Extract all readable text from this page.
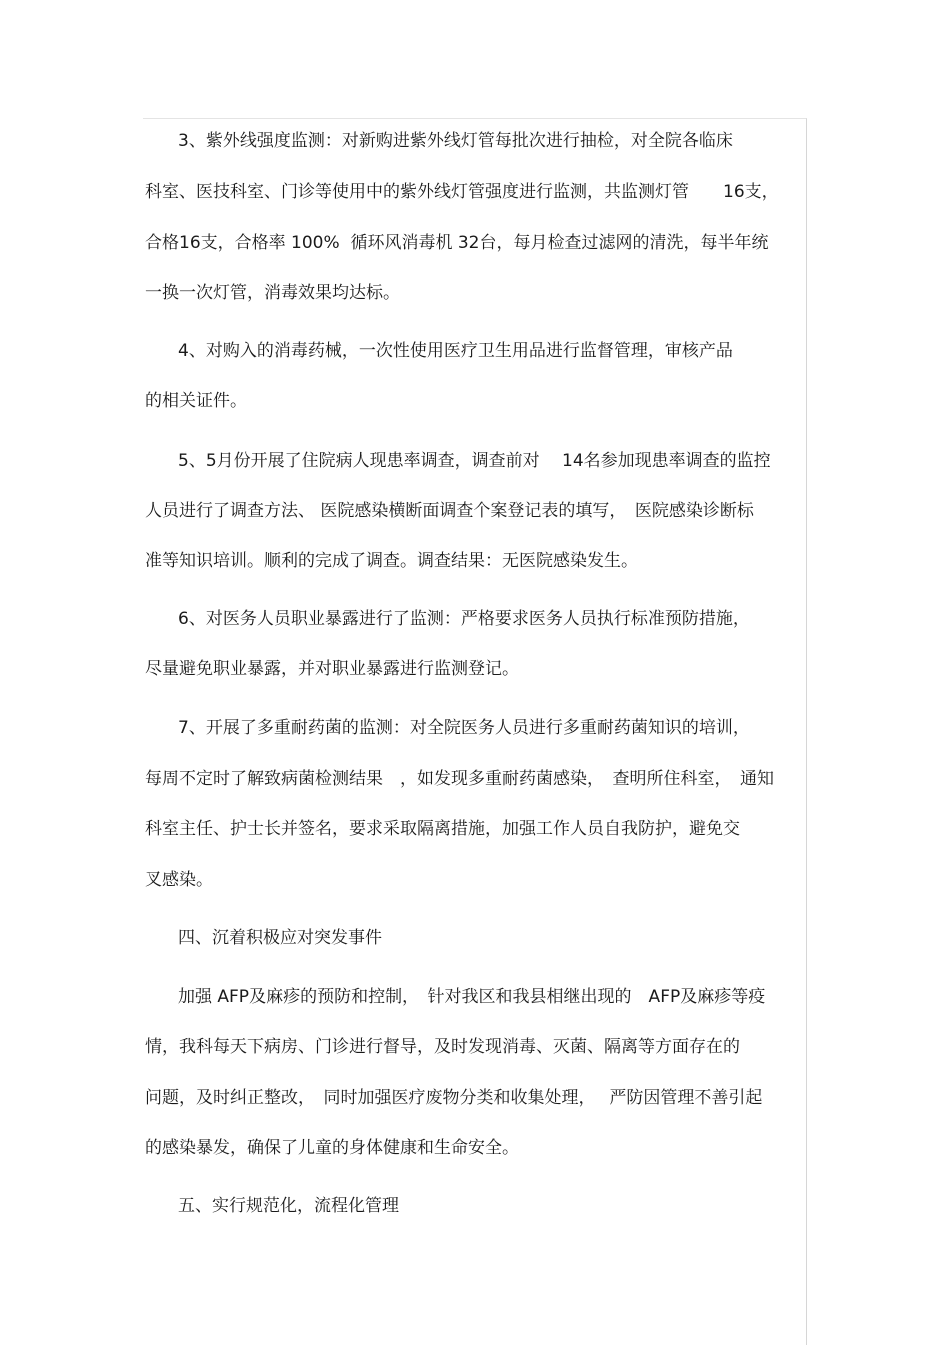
3、紫外线强度监测：对新购进紫外线灯管每批次进行抽检，对全院各临床
科室、医技科室、门诊等使用中的紫外线灯管强度进行监测，共监测灯管　　16支，
合格16支，合格率 100%  循环风消毒机 32台，每月检查过滤网的清洗，每半年统
一换一次灯管，消毒效果均达标。
4、对购入的消毒药械，一次性使用医疗卫生用品进行监督管理，审核产品
的相关证件。
5、5月份开展了住院病人现患率调查，调查前对　 14名参加现患率调查的监控
人员进行了调查方法、 医院感染横断面调查个案登记表的填写，　医院感染诊断标
准等知识培训。顺利的完成了调查。调查结果：无医院感染发生。
6、对医务人员职业暴露进行了监测：严格要求医务人员执行标准预防措施，
尽量避免职业暴露，并对职业暴露进行监测登记。
7、开展了多重耐药菌的监测：对全院医务人员进行多重耐药菌知识的培训，
每周不定时了解致病菌检测结果　，如发现多重耐药菌感染，　查明所住科室，　通知
科室主任、护士长并签名，要求采取隔离措施，加强工作人员自我防护，避免交
叉感染。
四、沉着积极应对突发事件
加强 AFP及麻疹的预防和控制，　针对我区和我县相继出现的　AFP及麻疹等疫
情，我科每天下病房、门诊进行督导，及时发现消毒、灭菌、隔离等方面存在的
问题，及时纠正整改，　同时加强医疗废物分类和收集处理，　 严防因管理不善引起
的感染暴发，确保了儿童的身体健康和生命安全。
五、实行规范化，流程化管理
